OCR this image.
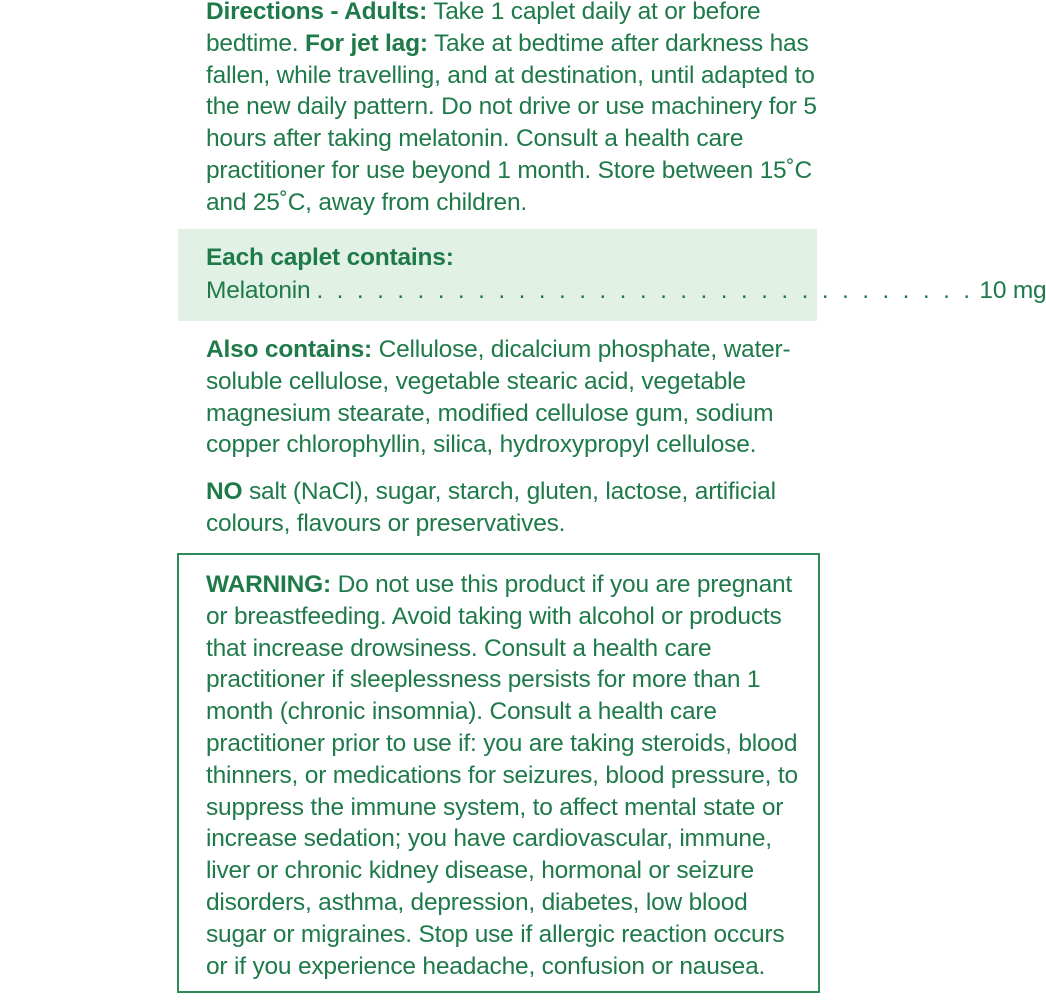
Directions - Adults: Take 1 caplet daily at or before bedtime. For jet lag: Take at bedtime after darkness has fallen, while travelling, and at destination, until adapted to the new daily pattern. Do not drive or use machinery for 5 hours after taking melatonin. Consult a health care practitioner for use beyond 1 month. Store between 15˚C and 25˚C, away from children.

Each caplet contains:

Melatonin . . . . . . . . . . . . . . . . . . . . . . . . . . . . . . . . . 10 mg

Also contains: Cellulose, dicalcium phosphate, water-soluble cellulose, vegetable stearic acid, vegetable magnesium stearate, modified cellulose gum, sodium copper chlorophyllin, silica, hydroxypropyl cellulose.

NO salt (NaCl), sugar, starch, gluten, lactose, artificial colours, flavours or preservatives.

WARNING: Do not use this product if you are pregnant or breastfeeding. Avoid taking with alcohol or products that increase drowsiness. Consult a health care practitioner if sleeplessness persists for more than 1 month (chronic insomnia). Consult a health care practitioner prior to use if: you are taking steroids, blood thinners, or medications for seizures, blood pressure, to suppress the immune system, to affect mental state or increase sedation; you have cardiovascular, immune, liver or chronic kidney disease, hormonal or seizure disorders, asthma, depression, diabetes, low blood sugar or migraines. Stop use if allergic reaction occurs or if you experience headache, confusion or nausea.
